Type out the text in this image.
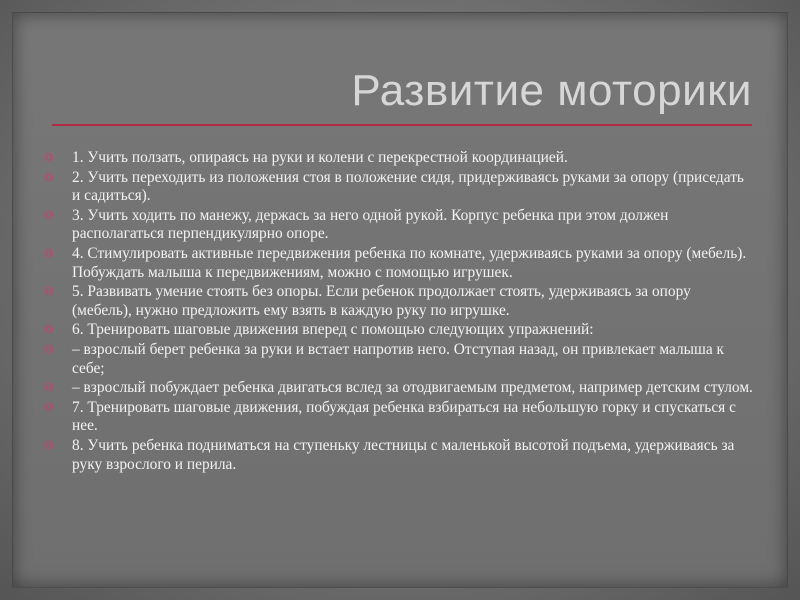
Развитие моторики
❂ 1. Учить ползать, опираясь на руки и колени с перекрестной координацией.
❂ 2. Учить переходить из положения стоя в положение сидя, придерживаясь руками за опору (приседать и садиться).
❂ 3. Учить ходить по манежу, держась за него одной рукой. Корпус ребенка при этом должен располагаться перпендикулярно опоре.
❂ 4. Стимулировать активные передвижения ребенка по комнате, удерживаясь руками за опору (мебель). Побуждать малыша к передвижениям, можно с помощью игрушек.
❂ 5. Развивать умение стоять без опоры. Если ребенок продолжает стоять, удерживаясь за опору (мебель), нужно предложить ему взять в каждую руку по игрушке.
❂ 6. Тренировать шаговые движения вперед с помощью следующих упражнений:
❂ – взрослый берет ребенка за руки и встает напротив него. Отступая назад, он привлекает малыша к себе;
❂ – взрослый побуждает ребенка двигаться вслед за отодвигаемым предметом, например детским стулом.
❂ 7. Тренировать шаговые движения, побуждая ребенка взбираться на небольшую горку и спускаться с нее.
❂ 8. Учить ребенка подниматься на ступеньку лестницы с маленькой высотой подъема, удерживаясь за руку взрослого и перила.
